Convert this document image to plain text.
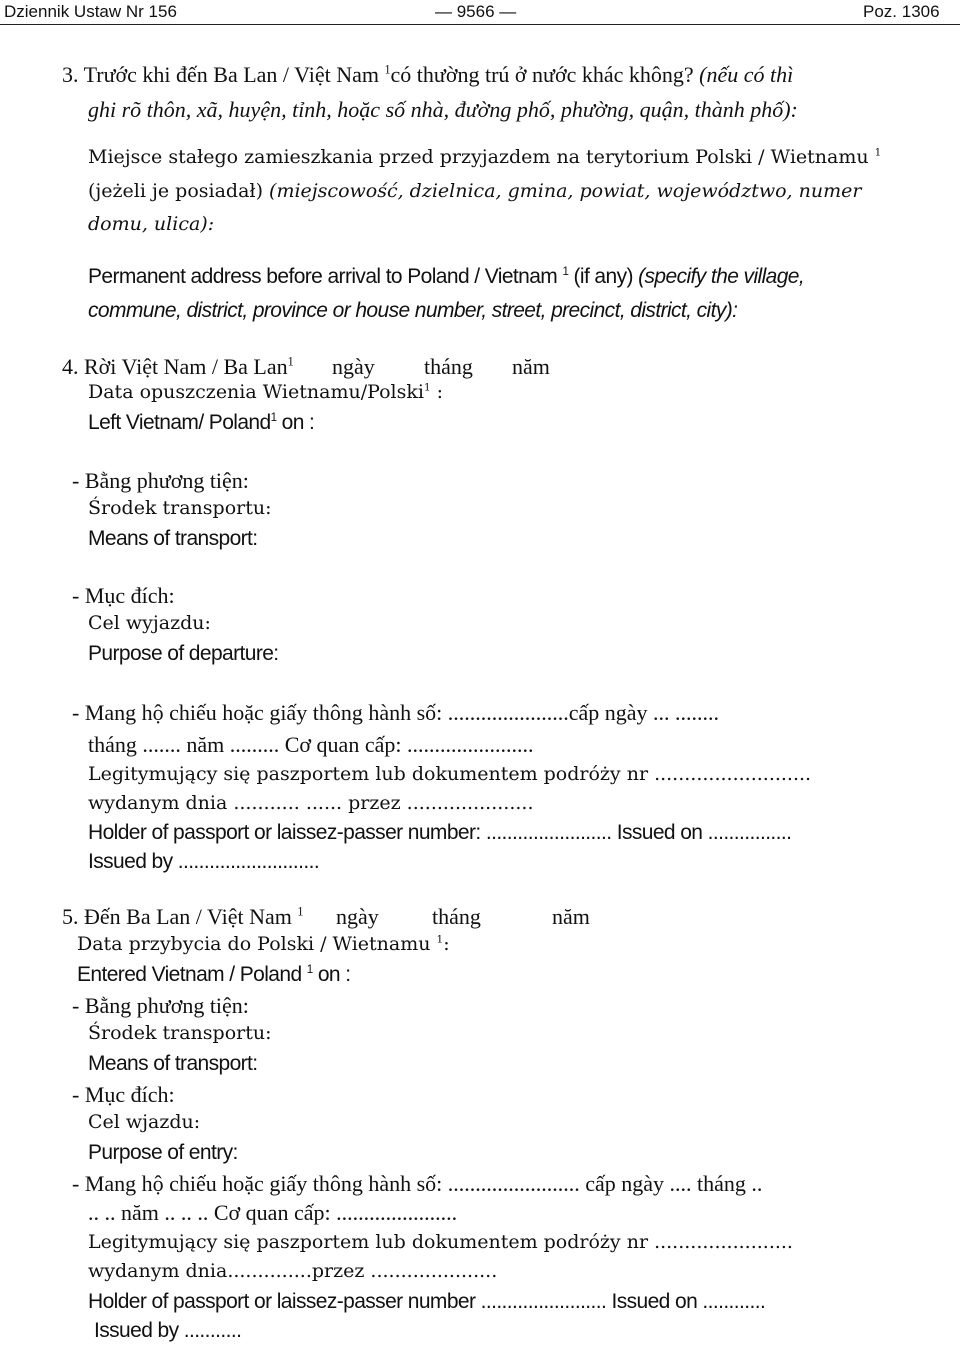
Dziennik Ustaw Nr 156	— 9566 —	Poz. 1306
3. Trước khi đến Ba Lan / Việt Nam $^1$có thường trú ở nước khác không? (nếu có thì
ghi rõ thôn, xã, huyện, tỉnh, hoặc số nhà, đường phố, phường, quận, thành phố):
Miejsce stałego zamieszkania przed przyjazdem na terytorium Polski / Wietnamu $^1$
(jeżeli je posiadał) (miejscowość, dzielnica, gmina, powiat, województwo, numer
domu, ulica):
Permanent address before arrival to Poland / Vietnam $^1$ (if any) (specify the village,
commune, district, province or house number, street, precinct, district, city):
4. Rời Việt Nam / Ba Lan$^1$ ngày tháng năm
Data opuszczenia Wietnamu/Polski$^1$ :
Left Vietnam/ Poland$^1$ on :
- Bằng phương tiện:
Środek transportu:
Means of transport:
- Mục đích:
Cel wyjazdu:
Purpose of departure:
- Mang hộ chiếu hoặc giấy thông hành số: ......................cấp ngày ... ........
tháng ....... năm ......... Cơ quan cấp: .......................
Legitymujący się paszportem lub dokumentem podróży nr ..........................
wydanym dnia ........... ...... przez .....................
Holder of passport or laissez-passer number: ........................ Issued on ................
Issued by ...........................
5. Đến Ba Lan / Việt Nam $^1$ ngày tháng	năm
Data przybycia do Polski / Wietnamu $^1$:
Entered Vietnam / Poland $^1$ on :
- Bằng phương tiện:
Środek transportu:
Means of transport:
- Mục đích:
Cel wjazdu:
Purpose of entry:
- Mang hộ chiếu hoặc giấy thông hành số: ........................ cấp ngày .... tháng ..
.. .. năm .. .. .. Cơ quan cấp: ......................
Legitymujący się paszportem lub dokumentem podróży nr .......................
wydanym dnia..............przez .....................
Holder of passport or laissez-passer number ........................ Issued on ............
Issued by ...........
